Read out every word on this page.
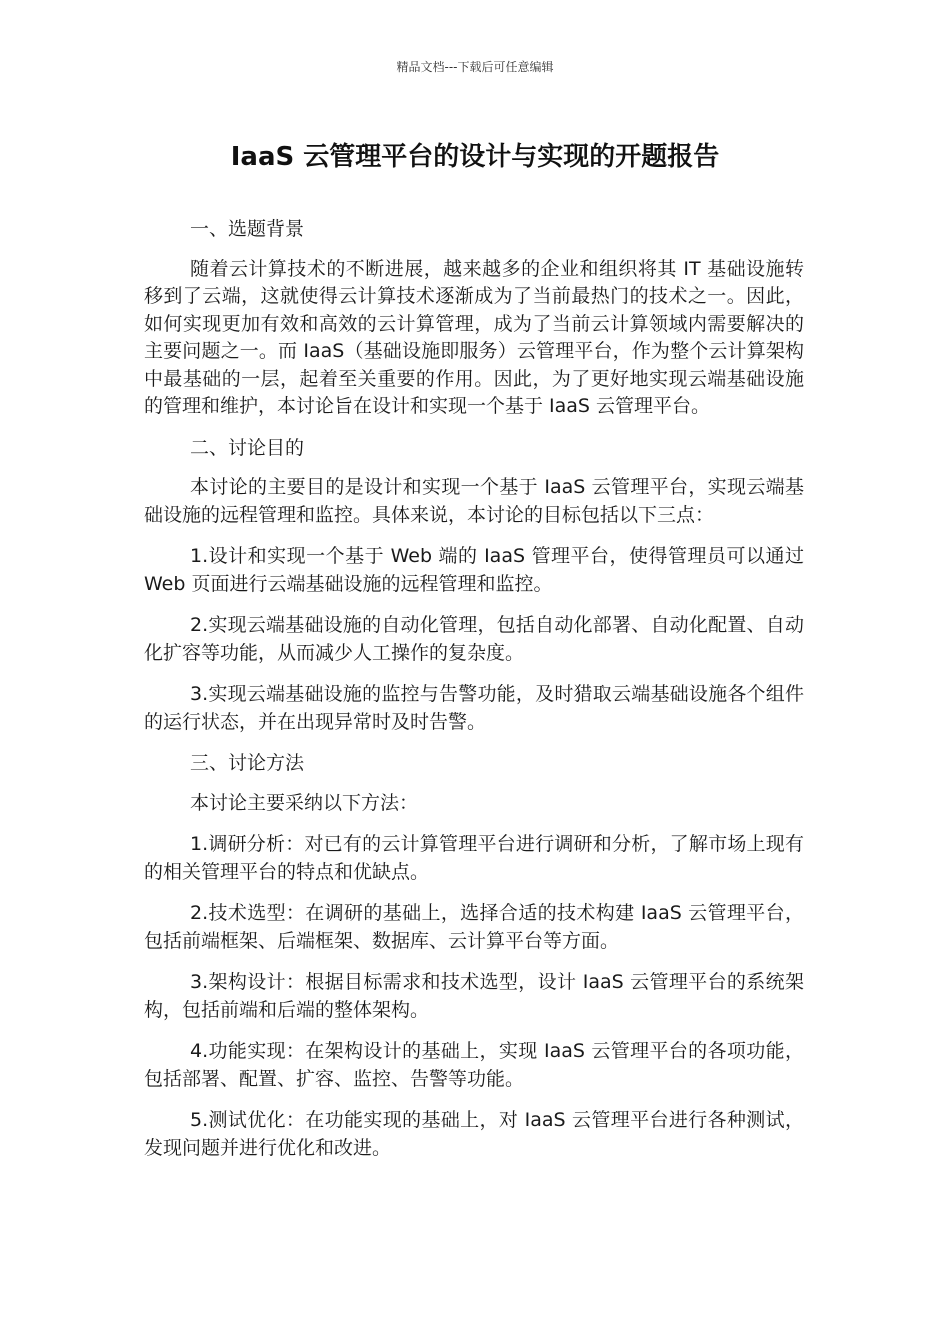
精品文档---下载后可任意编辑
IaaS 云管理平台的设计与实现的开题报告

一、选题背景

随着云计算技术的不断进展，越来越多的企业和组织将其 IT 基础设施转移到了云端，这就使得云计算技术逐渐成为了当前最热门的技术之一。因此，如何实现更加有效和高效的云计算管理，成为了当前云计算领域内需要解决的主要问题之一。而 IaaS（基础设施即服务）云管理平台，作为整个云计算架构中最基础的一层，起着至关重要的作用。因此，为了更好地实现云端基础设施的管理和维护，本讨论旨在设计和实现一个基于 IaaS 云管理平台。

二、讨论目的

本讨论的主要目的是设计和实现一个基于 IaaS 云管理平台，实现云端基础设施的远程管理和监控。具体来说，本讨论的目标包括以下三点：

1.设计和实现一个基于 Web 端的 IaaS 管理平台，使得管理员可以通过 Web 页面进行云端基础设施的远程管理和监控。

2.实现云端基础设施的自动化管理，包括自动化部署、自动化配置、自动化扩容等功能，从而减少人工操作的复杂度。

3.实现云端基础设施的监控与告警功能，及时猎取云端基础设施各个组件的运行状态，并在出现异常时及时告警。

三、讨论方法

本讨论主要采纳以下方法：

1.调研分析：对已有的云计算管理平台进行调研和分析，了解市场上现有的相关管理平台的特点和优缺点。

2.技术选型：在调研的基础上，选择合适的技术构建 IaaS 云管理平台，包括前端框架、后端框架、数据库、云计算平台等方面。

3.架构设计：根据目标需求和技术选型，设计 IaaS 云管理平台的系统架构，包括前端和后端的整体架构。

4.功能实现：在架构设计的基础上，实现 IaaS 云管理平台的各项功能，包括部署、配置、扩容、监控、告警等功能。

5.测试优化：在功能实现的基础上，对 IaaS 云管理平台进行各种测试，发现问题并进行优化和改进。
